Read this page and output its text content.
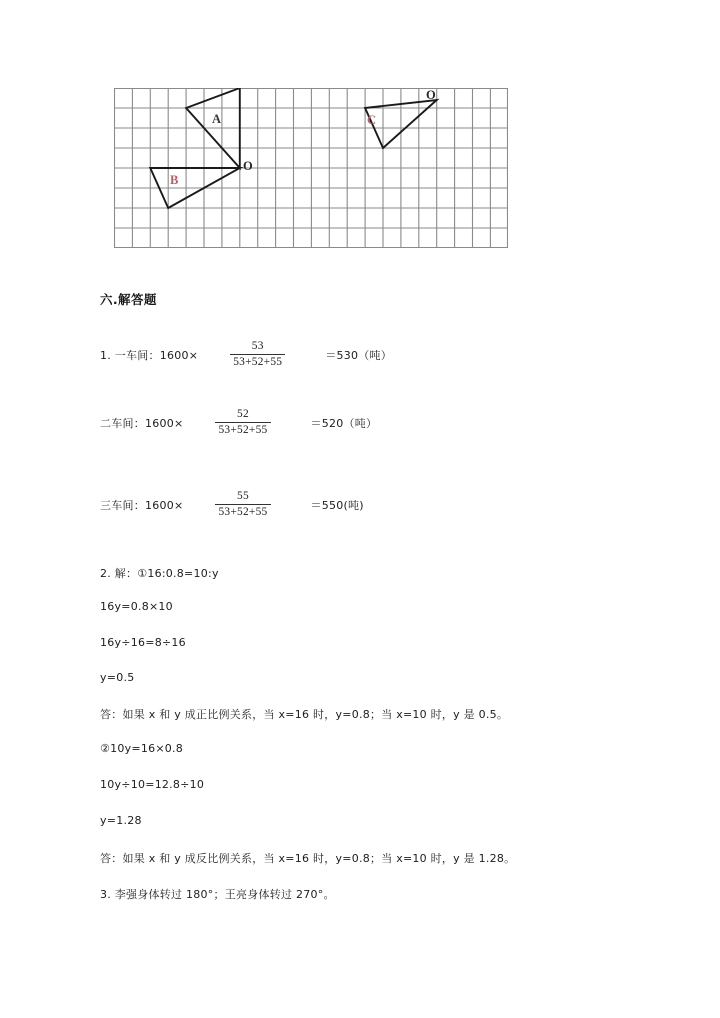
A
B
C
O
O
六.解答题
1. 一车间：1600×	$\frac{53}{53+52+55}$	＝530（吨）
二车间：1600×	$\frac{52}{53+52+55}$	＝520（吨）
三车间：1600×	$\frac{55}{53+52+55}$	＝550(吨)
2. 解：①16:0.8=10:y
16y=0.8×10
16y÷16=8÷16
y=0.5
答：如果 x 和 y 成正比例关系，当 x=16 时，y=0.8；当 x=10 时，y 是 0.5。
②10y=16×0.8
10y÷10=12.8÷10
y=1.28
答：如果 x 和 y 成反比例关系，当 x=16 时，y=0.8；当 x=10 时，y 是 1.28。
3. 李强身体转过 180°；王亮身体转过 270°。
